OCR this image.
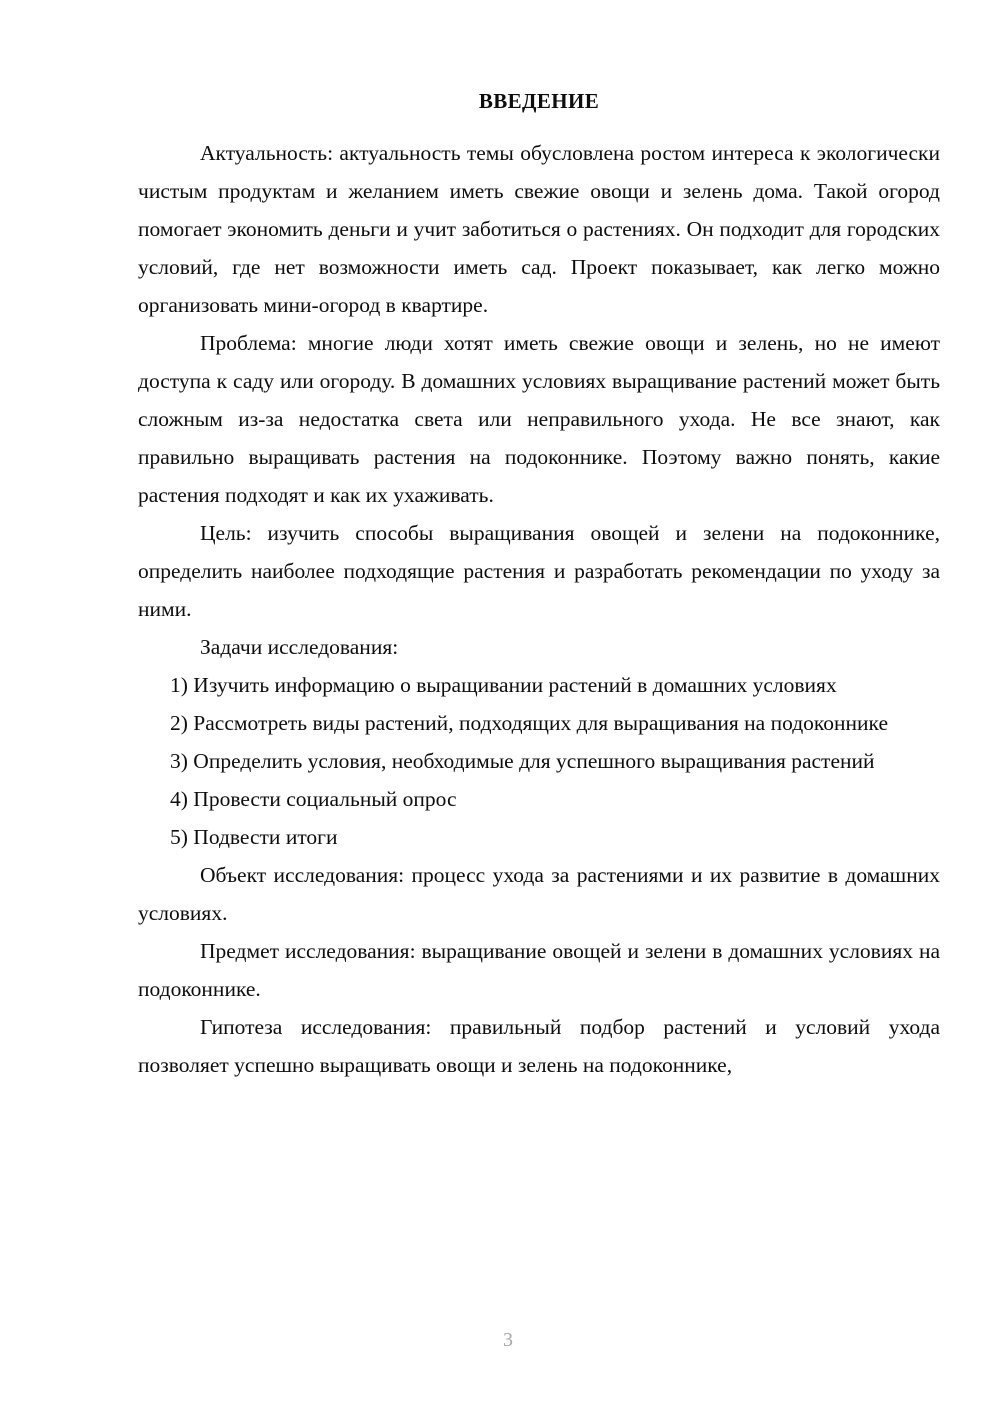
ВВЕДЕНИЕ

Актуальность: актуальность темы обусловлена ростом интереса к экологически чистым продуктам и желанием иметь свежие овощи и зелень дома. Такой огород помогает экономить деньги и учит заботиться о растениях. Он подходит для городских условий, где нет возможности иметь сад. Проект показывает, как легко можно организовать мини-огород в квартире.

Проблема: многие люди хотят иметь свежие овощи и зелень, но не имеют доступа к саду или огороду. В домашних условиях выращивание растений может быть сложным из-за недостатка света или неправильного ухода. Не все знают, как правильно выращивать растения на подоконнике. Поэтому важно понять, какие растения подходят и как их ухаживать.

Цель: изучить способы выращивания овощей и зелени на подоконнике, определить наиболее подходящие растения и разработать рекомендации по уходу за ними.

Задачи исследования:

1) Изучить информацию о выращивании растений в домашних условиях
2) Рассмотреть виды растений, подходящих для выращивания на подоконнике
3) Определить условия, необходимые для успешного выращивания растений
4) Провести социальный опрос
5) Подвести итоги

Объект исследования: процесс ухода за растениями и их развитие в домашних условиях.

Предмет исследования: выращивание овощей и зелени в домашних условиях на подоконнике.

Гипотеза исследования: правильный подбор растений и условий ухода позволяет успешно выращивать овощи и зелень на подоконнике,

3
